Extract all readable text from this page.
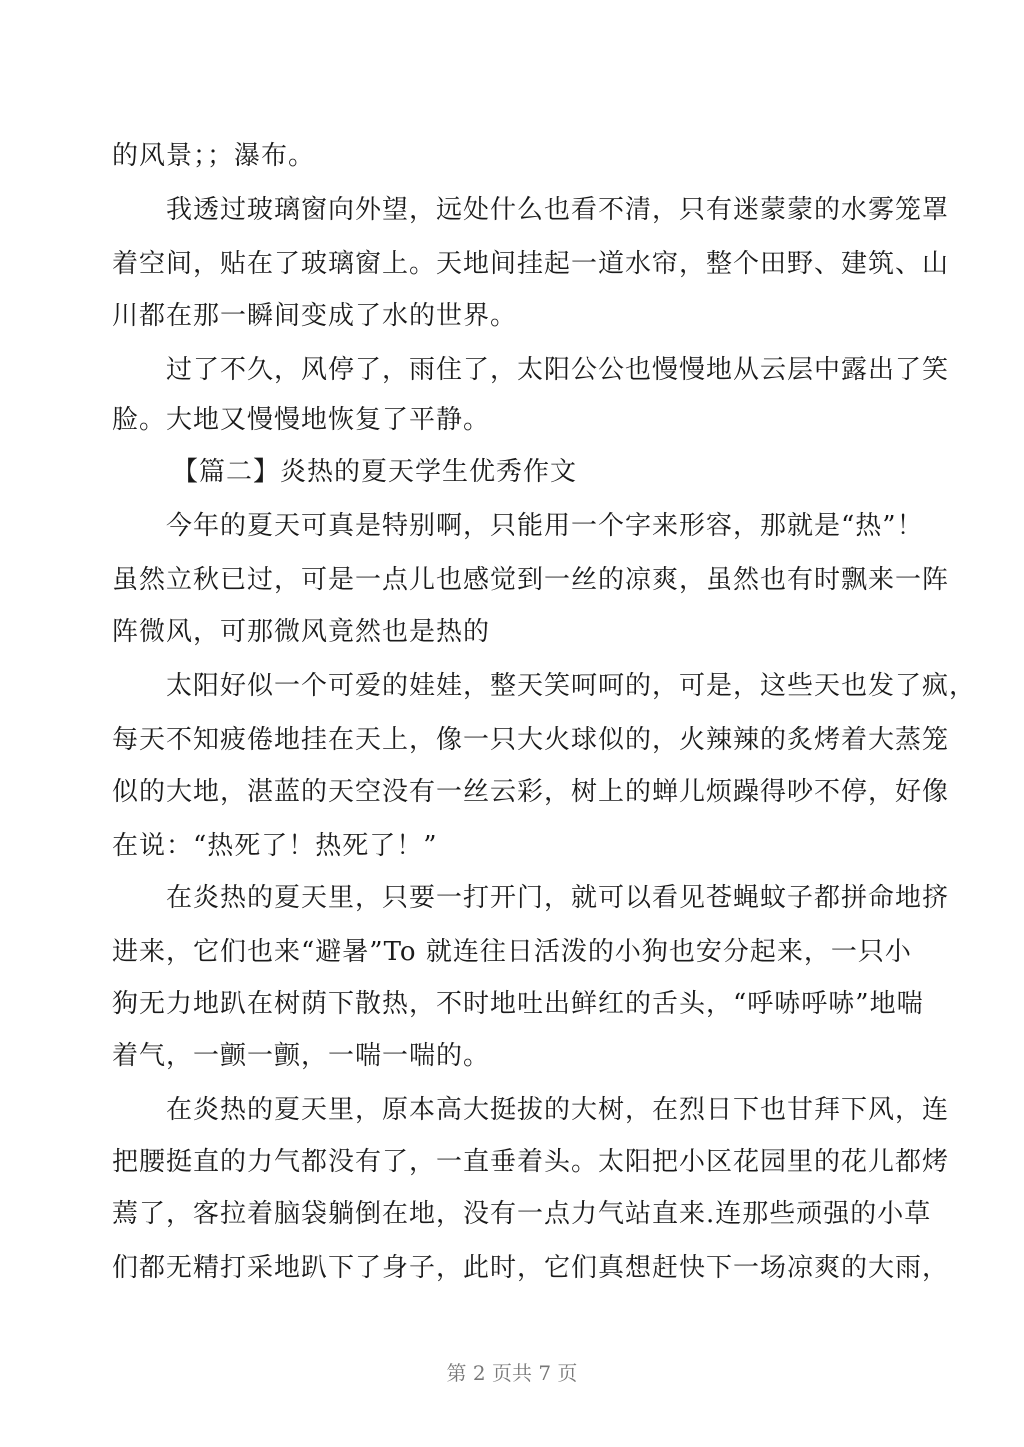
的风景；；瀑布。
我透过玻璃窗向外望，远处什么也看不清，只有迷蒙蒙的水雾笼罩
着空间，贴在了玻璃窗上。天地间挂起一道水帘，整个田野、建筑、山
川都在那一瞬间变成了水的世界。
过了不久，风停了，雨住了，太阳公公也慢慢地从云层中露出了笑
脸。大地又慢慢地恢复了平静。
【篇二】炎热的夏天学生优秀作文
今年的夏天可真是特别啊，只能用一个字来形容，那就是“热”！
虽然立秋已过，可是一点儿也感觉到一丝的凉爽，虽然也有时飘来一阵
阵微风，可那微风竟然也是热的
太阳好似一个可爱的娃娃，整天笑呵呵的，可是，这些天也发了疯，
每天不知疲倦地挂在天上，像一只大火球似的，火辣辣的炙烤着大蒸笼
似的大地，湛蓝的天空没有一丝云彩，树上的蝉儿烦躁得吵不停，好像
在说：“热死了！热死了！”
在炎热的夏天里，只要一打开门，就可以看见苍蝇蚊子都拼命地挤
进来，它们也来“避暑”To 就连往日活泼的小狗也安分起来，一只小
狗无力地趴在树荫下散热，不时地吐出鲜红的舌头，“呼哧呼哧”地喘
着气，一颤一颤，一喘一喘的。
在炎热的夏天里，原本高大挺拔的大树，在烈日下也甘拜下风，连
把腰挺直的力气都没有了，一直垂着头。太阳把小区花园里的花儿都烤
蔫了，客拉着脑袋躺倒在地，没有一点力气站直来.连那些顽强的小草
们都无精打采地趴下了身子，此时，它们真想赶快下一场凉爽的大雨，
第 2 页共 7 页
